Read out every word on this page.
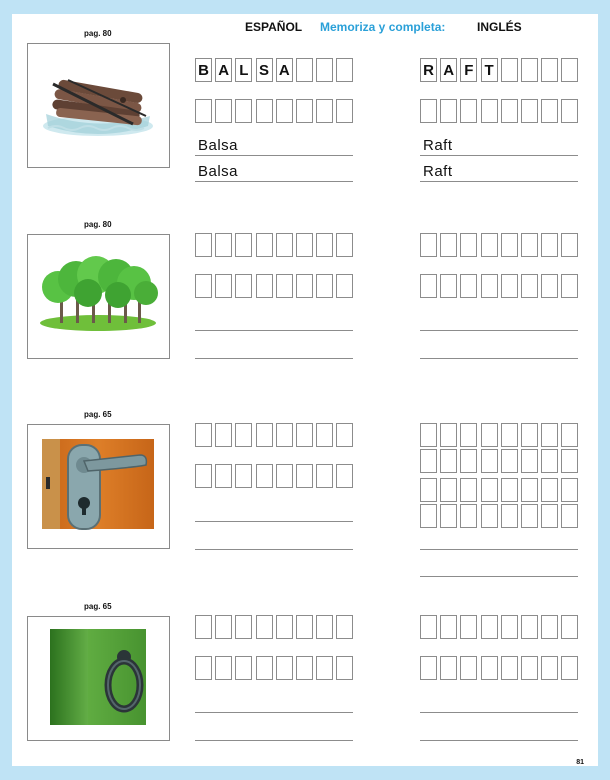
ESPAÑOL Memoriza y completa:	INGLÉS
pag. 80
B A L S A	R A F T
Balsa
Balsa
Raft
Raft
pag. 80
pag. 65
pag. 65
81
